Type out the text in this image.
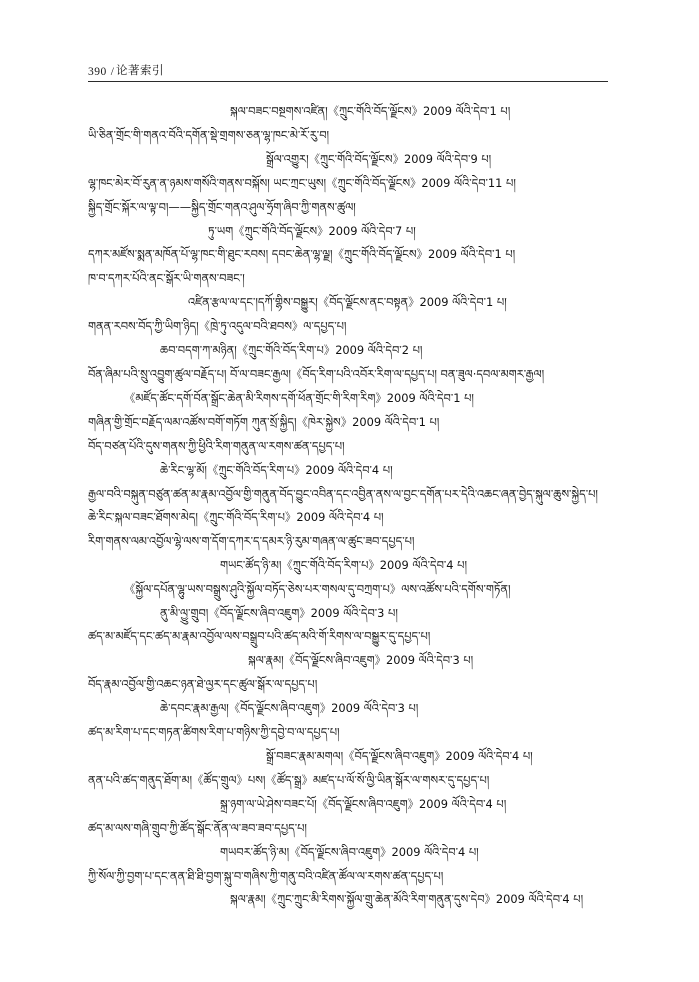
390 / 论著索引

སྐལ་བཟང་བསྔགས་འཛིན།《ཀྲུང་གོའི་བོད་ལྗོངས》2009 ལོའི་དེབ་1 པ།

ཡི་ཅིན་གྲོང་གི་གནའ་བོའི་དགོན་སྡེ་གྲགས་ཅན་ལྷ་ཁང་མེ་རོ་རུ་བ།

སྒྲོལ་འགྱུར།《ཀྲུང་གོའི་བོད་ལྗོངས》2009 ལོའི་དེབ་9 པ།

ལྷ་ཁང་མེར་བོ་རུན་ན་ཉམས་གསོའི་གནས་བསྐོས། ཡང་ཀྲང་ཡུས།《ཀྲུང་གོའི་བོད་ལྗོངས》2009 ལོའི་དེབ་11 པ།

སྐྱིད་གྲོང་སྐོར་ལ་ལྟ་བ།——སྐྱིད་གྲོང་གནའ་ཤུལ་ཧྲོག་ཞིབ་ཀྱི་གནས་ཚུལ།

ཏུ་ཡག《ཀྲུང་གོའི་བོད་ལྗོངས》2009 ལོའི་དེབ་7 པ།

དཀར་མཛོས་སྨན་མཁོན་པོ་ལྷ་ཁང་གི་ཐུང་རབས། དབང་ཆེན་ལྷ་ལྗ།《ཀྲུང་གོའི་བོད་ལྗོངས》2009 ལོའི་དེབ་1 པ།

ཁ་བ་དཀར་པོའི་ནང་སྒོར་ཡི་གནས་བཟང་།

འཛིན་རྩལ་ལ་དང་།དཀོ་གྷིས་བསྒྱུར།《བོད་ལྗོངས་ནང་བསྟན》2009 ལོའི་དེབ་1 པ།

གནན་རབས་བོད་ཀྱི་ཡིག་ཉིད།《ཁྲེ་ཏུ་འདུལ་བའི་ཐབས》ལ་དཔྱད་པ།

ཆབ་བདག་ཀ་མཉིན།《ཀྲུང་གོའི་བོད་རིག་པ》2009 ལོའི་དེབ་2 པ།

བོན་ཞིམ་པའི་སྲུ་འབྱུག་ཚུལ་བརྗོད་པ། བོ་ལ་བཟང་རྒྱལ།《བོད་རིག་པའི་འབོར་རིག་ལ་དཔྱད་པ། བན་ཟུལ·དབལ་མགར་རྒྱལ།

《མཛོད་ཚོང་དགོ་བོན་སྒྲོང་ཆེན་མི་རིགས་དགོ་ཕོན་གྲོང་གི་རིག་རིག》2009 ལོའི་དེབ་1 པ།

གཞིན་གྱི་གྲོང་བརྗོད་ལམ་འཚོས་བགོ་གཏོག ཀུན་སྲོ་སྐྱིད།《ཁེར་སྐྱེས》2009 ལོའི་དེབ་1 པ།

བོད་བཙན་པོའི་དུས་གནས་ཀྱི་ཕྱིའི་རིག་གནུན་ལ་རགས་ཚན་དཔྱད་པ།

ཆེ་རིང་ལྷ་མོ།《ཀྲུང་གོའི་བོད་རིག་པ》2009 ལོའི་དེབ་4 པ།

རྒྱལ་བའི་བསྐུན་བཙུན་ཚན་མ་རྣམ་འབྱོལ་གྱི་གནུན་བོད་བྱུང་འབིན་དང་འབྱིན་ནས་ལ་བྱང་དགོན་པར་དེའི་འཆང་ཞན་བྱེད་སྐུལ་ཆུས་སྐྱེད་པ། ཆེ་རིང་སྐལ་བཟང་ཐོགས་མེད།《ཀྲུང་གོའི་བོད་རིག་པ》2009 ལོའི་དེབ་4 པ།

རིག་གནས་ལམ་འབྱོལ་ལྷེ་ལས་ག་དོག་དཀར་ད་དམར་ཉི་རུམ་གཞན་ལ་ཚུང་ཟབ་དཔྱད་པ།

གཡང་ཚོད་ཉི་མ།《ཀྲུང་གོའི་བོད་རིག་པ》2009 ལོའི་དེབ་4 པ།

《སྐྱོལ་དཔོན་ལྷུ་ཡས་བསྒྲུས་ཤུའི་སྐྱོལ་བཏོད་ཅེས་པར་གསལ་དུ་བཀྲག་པ》ལས་འཚོས་པའི་དགོས་གཏོན།

ནུ་མི་ལྱུ་གྲུབ།《བོད་ལྗོངས་ཞིབ་འཇུག》2009 ལོའི་དེབ་3 པ།

ཚད་མ་མཛོད་དང་ཚད་མ་རྣམ་འབྱོལ་ལས་བསྒྲུབ་པའི་ཚད་མའི་གོ་རིགས་ལ་བསྒྱུར་དུ་དཔྱད་པ།

སྐལ་རྣམ།《བོད་ལྗོངས་ཞིབ་འཇུག》2009 ལོའི་དེབ་3 པ།

བོད་རྣམ་འབྱོལ་གྱི་འཆང་ཉན་ཐེ་ལྱར་དང་ཚུལ་སྒོར་ལ་དཔྱད་པ།

ཆེ་དབང་རྣམ་རྒྱལ།《བོད་ལྗོངས་ཞིབ་འཇུག》2009 ལོའི་དེབ་3 པ།

ཚད་མ་རིག་པ་དང་གཏན་ཚིགས་རིག་པ་གཉིས་ཀྱི་དབྱེ་བ་ལ་དཔྱད་པ།

སྒྲོ་བཟང་རྣམ་མགལ།《བོད་ལྗོངས་ཞིབ་འཇུག》2009 ལོའི་དེབ་4 པ།

ནན་པའི་ཚད་གནུད་ཐོག་མ།《ཚོད་གྲུལ》པས།《ཚོད་སྒྲ》མཛད་པ་ལོ་སོ་ལྱི་ཡིན་སྒོར་ལ་གསར་དུ་དཔྱད་པ།

སྐྲ་ཉག་ལ་ཡེ་ཤེས་བཟང་པོ།《བོད་ལྗོངས་ཞིབ་འཇུག》2009 ལོའི་དེབ་4 པ།

ཚད་མ་ལས་གཞི་གྲུབ་ཀྱི་ཚོད་སྒོང་ནོན་ལ་ཟབ་ཟབ་དཔྱད་པ།

གཡབར་ཚོད་ཉི་མ།《བོད་ལྗོངས་ཞིབ་འཇུག》2009 ལོའི་དེབ་4 པ།

ཀྱི་སོལ་ཀྱི་བྱག་པ་དང་ནན་ཐི་ཐི་བྱག་སྐུ་བ་གཞིས་ཀྱི་གནུ་བའི་འཛིན་ཚོལ་ལ་རགས་ཚན་དཔྱད་པ།

སྐལ་རྣམ།《ཀྲུང་ཀྲུང་མི་རིགས་སྐྱོལ་གྲུ་ཆེན་མོའི་རིག་གནུན་དུས་དེབ》2009 ལོའི་དེབ་4 པ།
